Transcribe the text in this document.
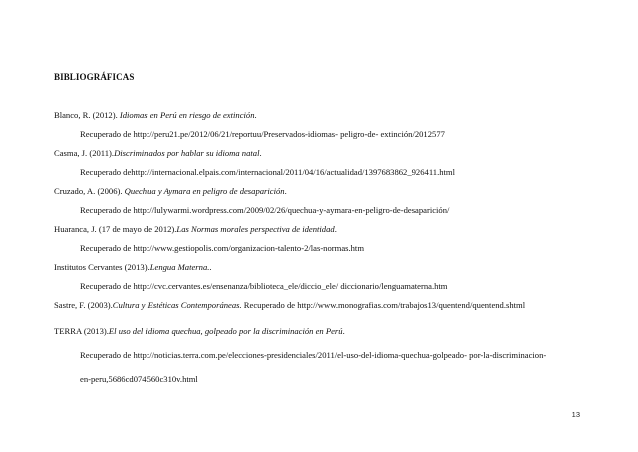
BIBLIOGRÁFICAS
Blanco, R. (2012). Idiomas en Perú en riesgo de extinción.
Recuperado de http://peru21.pe/2012/06/21/reportuu/Preservados-idiomas- peligro-de- extinción/2012577
Casma, J. (2011).Discriminados por hablar su idioma natal.
Recuperado dehttp://internacional.elpais.com/internacional/2011/04/16/actualidad/1397683862_926411.html
Cruzado, A. (2006). Quechua y Aymara en peligro de desaparición.
Recuperado de http://lulywarmi.wordpress.com/2009/02/26/quechua-y-aymara-en-peligro-de-desaparición/
Huaranca, J. (17 de mayo de 2012).Las Normas morales perspectiva de identidad.
Recuperado de http://www.gestiopolis.com/organizacion-talento-2/las-normas.htm
Institutos Cervantes (2013).Lengua Materna..
Recuperado de http://cvc.cervantes.es/ensenanza/biblioteca_ele/diccio_ele/ diccionario/lenguamaterna.htm
Sastre, F. (2003).Cultura y Estéticas Contemporáneas. Recuperado de http://www.monografias.com/trabajos13/quentend/quentend.shtml
TERRA (2013).El uso del idioma quechua, golpeado por la discriminación en Perú.
Recuperado de http://noticias.terra.com.pe/elecciones-presidenciales/2011/el-uso-del-idioma-quechua-golpeado- por-la-discriminacion-
en-peru,5686cd074560c310v.html
13
